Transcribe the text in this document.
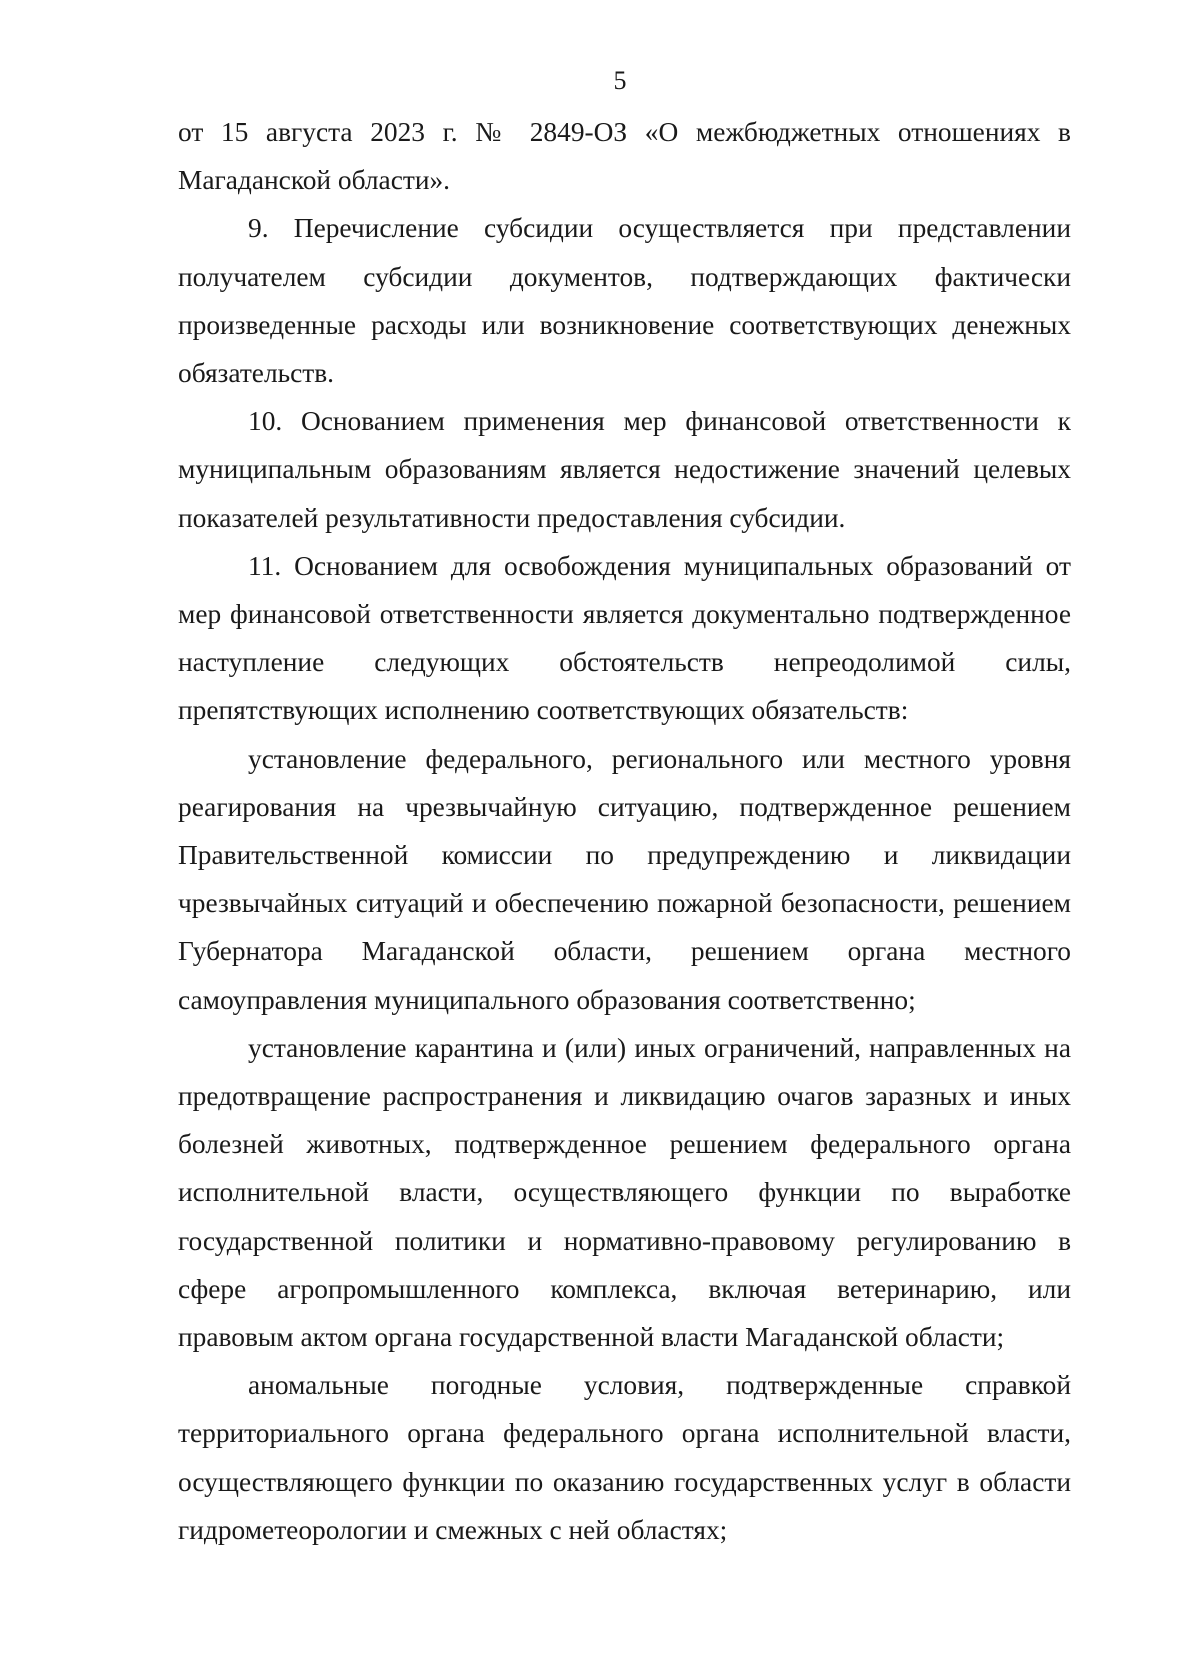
5

от 15 августа 2023 г. № 2849-ОЗ «О межбюджетных отношениях в Магаданской области».

9. Перечисление субсидии осуществляется при представлении получателем субсидии документов, подтверждающих фактически произведенные расходы или возникновение соответствующих денежных обязательств.

10. Основанием применения мер финансовой ответственности к муниципальным образованиям является недостижение значений целевых показателей результативности предоставления субсидии.

11. Основанием для освобождения муниципальных образований от мер финансовой ответственности является документально подтвержденное наступление следующих обстоятельств непреодолимой силы, препятствующих исполнению соответствующих обязательств:

установление федерального, регионального или местного уровня реагирования на чрезвычайную ситуацию, подтвержденное решением Правительственной комиссии по предупреждению и ликвидации чрезвычайных ситуаций и обеспечению пожарной безопасности, решением Губернатора Магаданской области, решением органа местного самоуправления муниципального образования соответственно;

установление карантина и (или) иных ограничений, направленных на предотвращение распространения и ликвидацию очагов заразных и иных болезней животных, подтвержденное решением федерального органа исполнительной власти, осуществляющего функции по выработке государственной политики и нормативно-правовому регулированию в сфере агропромышленного комплекса, включая ветеринарию, или правовым актом органа государственной власти Магаданской области;

аномальные погодные условия, подтвержденные справкой территориального органа федерального органа исполнительной власти, осуществляющего функции по оказанию государственных услуг в области гидрометеорологии и смежных с ней областях;
